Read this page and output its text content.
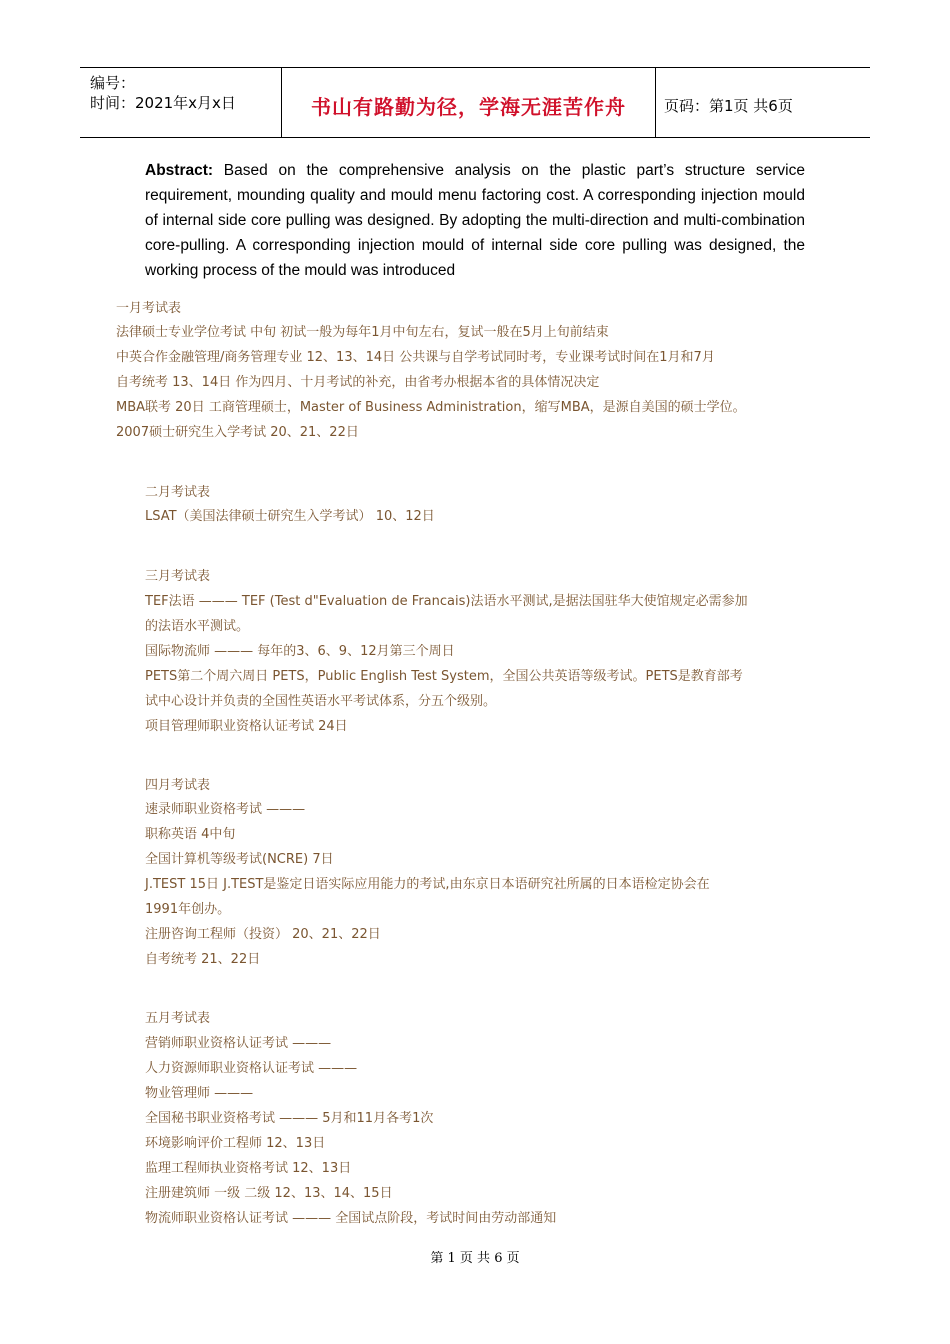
编号：
时间：2021年x月x日	书山有路勤为径，学海无涯苦作舟	页码：第1页 共6页
Abstract: Based on the comprehensive analysis on the plastic part’s structure service requirement, mounding quality and mould menu factoring cost. A corresponding injection mould of internal side core pulling was designed. By adopting the multi-direction and multi-combination core-pulling. A corresponding injection mould of internal side core pulling was designed, the working process of the mould was introduced
一月考试表
法律硕士专业学位考试 中旬 初试一般为每年1月中旬左右，复试一般在5月上旬前结束
中英合作金融管理/商务管理专业 12、13、14日 公共课与自学考试同时考，专业课考试时间在1月和7月
自考统考 13、14日 作为四月、十月考试的补充，由省考办根据本省的具体情况决定
MBA联考 20日 工商管理硕士，Master of Business Administration，缩写MBA，是源自美国的硕士学位。
2007硕士研究生入学考试 20、21、22日
二月考试表
LSAT（美国法律硕士研究生入学考试） 10、12日
三月考试表
TEF法语 ——— TEF (Test d"Evaluation de Francais)法语水平测试,是据法国驻华大使馆规定必需参加
的法语水平测试。
国际物流师 ——— 每年的3、6、9、12月第三个周日
PETS第二个周六周日 PETS，Public English Test System，全国公共英语等级考试。PETS是教育部考
试中心设计并负责的全国性英语水平考试体系，分五个级别。
项目管理师职业资格认证考试 24日
四月考试表
速录师职业资格考试 ———
职称英语 4中旬
全国计算机等级考试(NCRE) 7日
J.TEST 15日 J.TEST是鉴定日语实际应用能力的考试,由东京日本语研究社所属的日本语检定协会在
1991年创办。
注册咨询工程师（投资） 20、21、22日
自考统考 21、22日
五月考试表
营销师职业资格认证考试 ———
人力资源师职业资格认证考试 ———
物业管理师 ———
全国秘书职业资格考试 ——— 5月和11月各考1次
环境影响评价工程师 12、13日
监理工程师执业资格考试 12、13日
注册建筑师 一级 二级 12、13、14、15日
物流师职业资格认证考试 ——— 全国试点阶段，考试时间由劳动部通知
第 1 页 共 6 页
